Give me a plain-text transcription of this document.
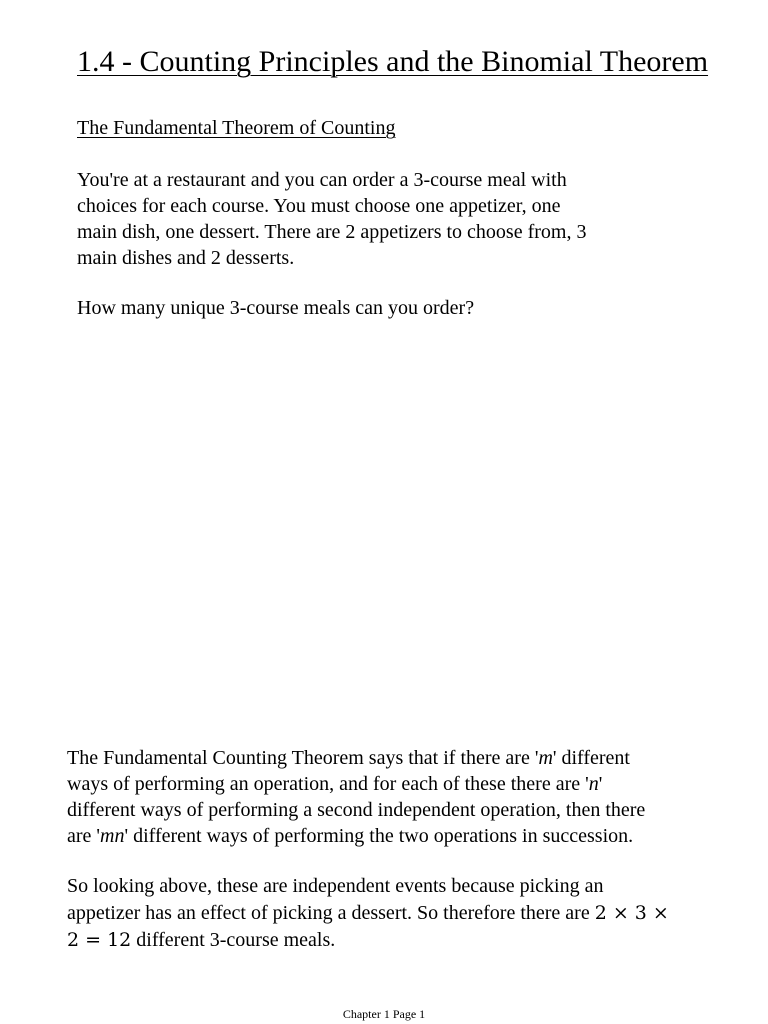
1.4 - Counting Principles and the Binomial Theorem
The Fundamental Theorem of Counting

You're at a restaurant and you can order a 3-course meal with
choices for each course. You must choose one appetizer, one
main dish, one dessert. There are 2 appetizers to choose from, 3
main dishes and 2 desserts.

How many unique 3-course meals can you order?

The Fundamental Counting Theorem says that if there are 'm' different
ways of performing an operation, and for each of these there are 'n'
different ways of performing a second independent operation, then there
are 'mn' different ways of performing the two operations in succession.

So looking above, these are independent events because picking an
appetizer has an effect of picking a dessert. So therefore there are 2 × 3 ×
2 = 12 different 3-course meals.

Chapter 1 Page 1
